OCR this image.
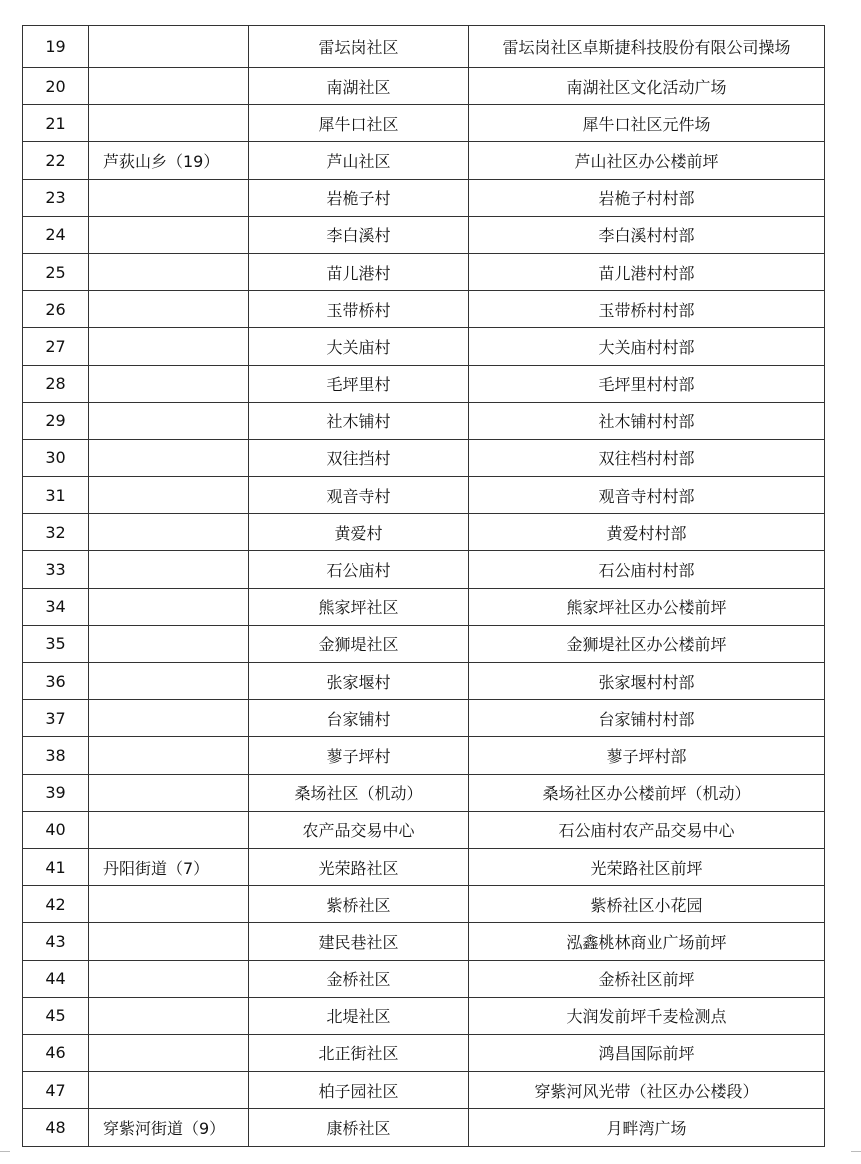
19		雷坛岗社区	雷坛岗社区卓斯捷科技股份有限公司操场
20		南湖社区	南湖社区文化活动广场
21		犀牛口社区	犀牛口社区元件场
22	芦荻山乡（19）	芦山社区	芦山社区办公楼前坪
23		岩桅子村	岩桅子村村部
24		李白溪村	李白溪村村部
25		苗儿港村	苗儿港村村部
26		玉带桥村	玉带桥村村部
27		大关庙村	大关庙村村部
28		毛坪里村	毛坪里村村部
29		社木铺村	社木铺村村部
30		双往挡村	双往档村村部
31		观音寺村	观音寺村村部
32		黄爱村	黄爱村村部
33		石公庙村	石公庙村村部
34		熊家坪社区	熊家坪社区办公楼前坪
35		金狮堤社区	金狮堤社区办公楼前坪
36		张家堰村	张家堰村村部
37		台家铺村	台家铺村村部
38		蓼子坪村	蓼子坪村部
39		桑场社区（机动）	桑场社区办公楼前坪（机动）
40		农产品交易中心	石公庙村农产品交易中心
41	丹阳街道（7）	光荣路社区	光荣路社区前坪
42		紫桥社区	紫桥社区小花园
43		建民巷社区	泓鑫桃林商业广场前坪
44		金桥社区	金桥社区前坪
45		北堤社区	大润发前坪千麦检测点
46		北正街社区	鸿昌国际前坪
47		柏子园社区	穿紫河风光带（社区办公楼段）
48	穿紫河街道（9）	康桥社区	月畔湾广场
